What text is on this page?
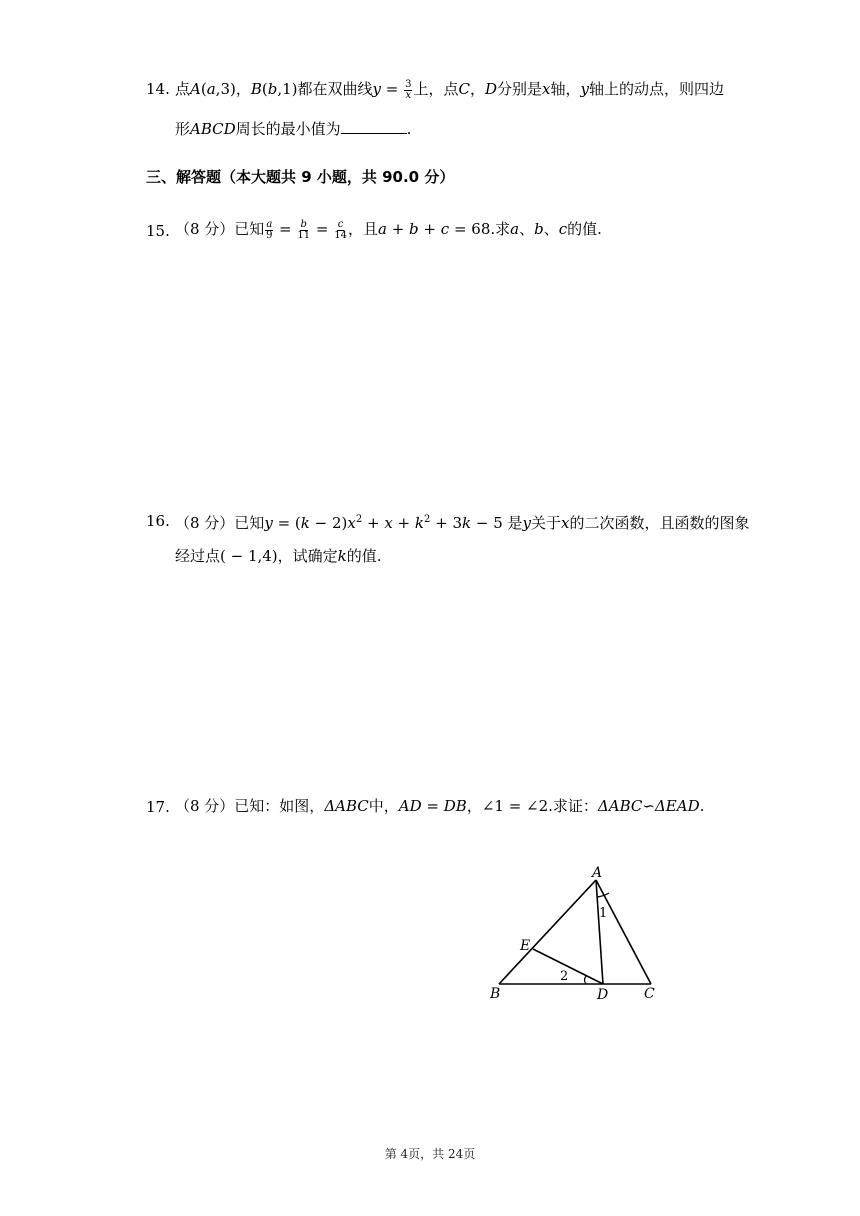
14. 点A(a,3)，B(b,1)都在双曲线$y = \frac{3}{x}$ 上，点C，D分别是x轴，y轴上的动点，则四边
形ABCD周长的最小值为	.
三、解答题（本大题共 9 小题，共 90.0 分）
15. （8 分）已知 $\frac{a}{9} = \frac{b}{11} = \frac{c}{14}$ ，且a + b + c = 68.求a、b、c的值.
16. （8 分）已知$y = (k - 2)x^2 + x + k^2 + 3k - 5$ 是y关于x的二次函数，且函数的图象
经过点( − 1,4)，试确定k的值.
17. （8 分）已知：如图，ΔABC中，AD = DB，∠1 = ∠2.求证：ΔABC∽ΔEAD.
A
B	C
D
E
1
2
第 4页，共 24页
